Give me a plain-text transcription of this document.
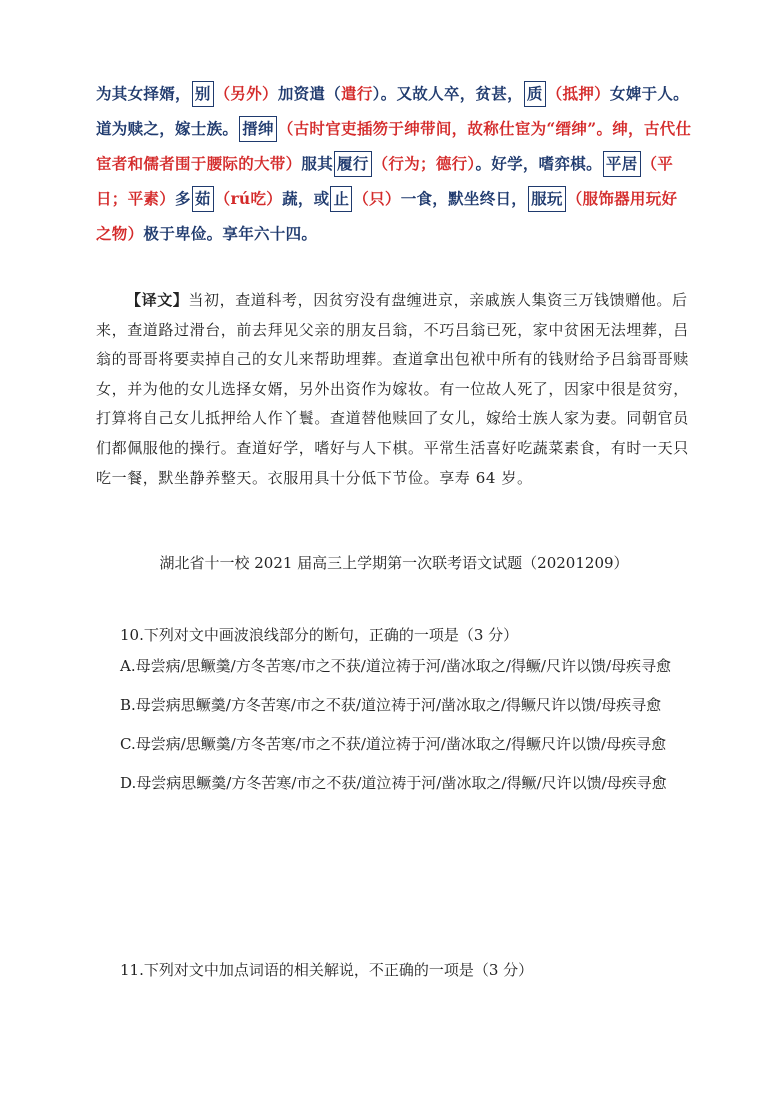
为其女择婿， 别 （另外）加资遣（遣行）。又故人卒，贫甚， 质 （抵押）女婢于人。道为赎之，嫁士族。 搢绅 （古时官吏插笏于绅带间，故称仕宦为“缙绅”。绅，古代仕宦者和儒者围于腰际的大带）服其 履行 （行为；德行）。好学，嗜弈棋。 平居 （平日；平素）多 茹 （rú吃）蔬，或 止 （只）一食，默坐终日， 服玩 （服饰器用玩好之物）极于卑俭。享年六十四。

【译文】当初，查道科考，因贫穷没有盘缠进京，亲戚族人集资三万钱馈赠他。后来，查道路过滑台，前去拜见父亲的朋友吕翁，不巧吕翁已死，家中贫困无法埋葬，吕翁的哥哥将要卖掉自己的女儿来帮助埋葬。查道拿出包袱中所有的钱财给予吕翁哥哥赎女，并为他的女儿选择女婿，另外出资作为嫁妆。有一位故人死了，因家中很是贫穷，打算将自己女儿抵押给人作丫鬟。查道替他赎回了女儿，嫁给士族人家为妻。同朝官员们都佩服他的操行。查道好学，嗜好与人下棋。平常生活喜好吃蔬菜素食，有时一天只吃一餐，默坐静养整天。衣服用具十分低下节俭。享寿 64 岁。

湖北省十一校 2021 届高三上学期第一次联考语文试题（20201209）
10.下列对文中画波浪线部分的断句，正确的一项是（3 分）

A.母尝病/思鳜羹/方冬苦寒/市之不获/道泣祷于河/凿冰取之/得鳜/尺许以馈/母疾寻愈

B.母尝病思鳜羹/方冬苦寒/市之不获/道泣祷于河/凿冰取之/得鳜尺许以馈/母疾寻愈

C.母尝病/思鳜羹/方冬苦寒/市之不获/道泣祷于河/凿冰取之/得鳜尺许以馈/母疾寻愈

D.母尝病思鳜羹/方冬苦寒/市之不获/道泣祷于河/凿冰取之/得鳜/尺许以馈/母疾寻愈

11.下列对文中加点词语的相关解说，不正确的一项是（3 分）
